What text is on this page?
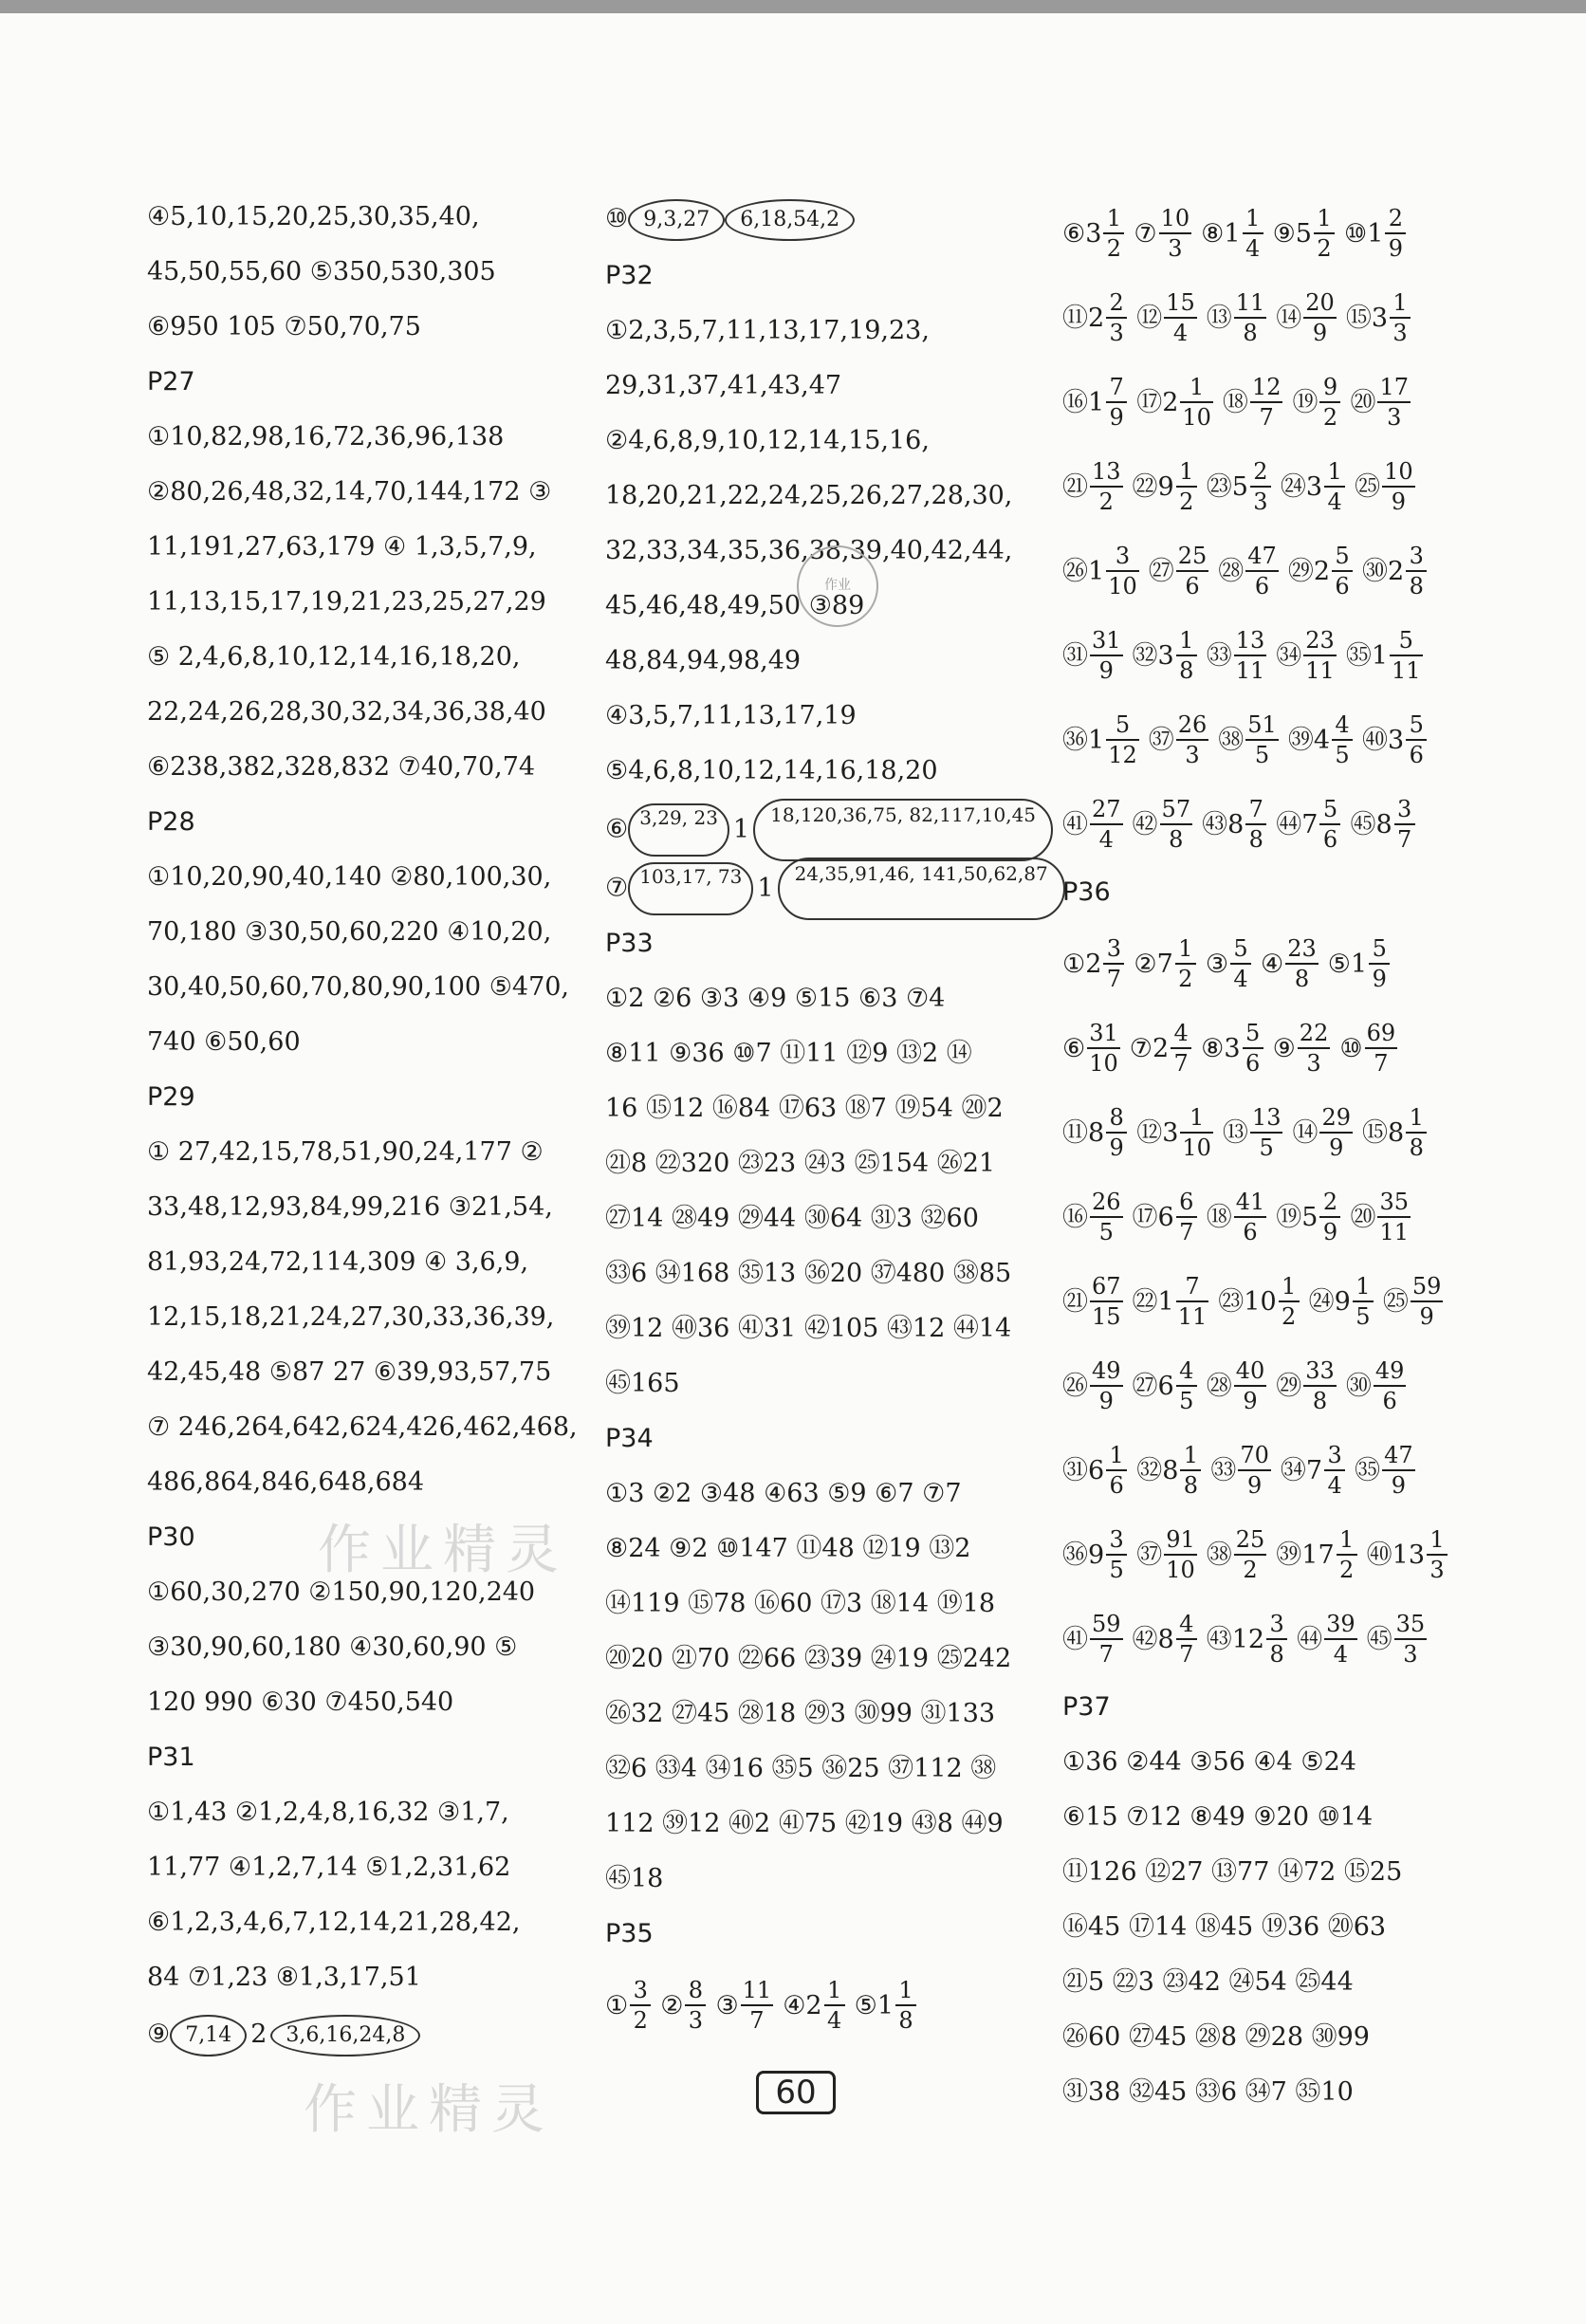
④5,10,15,20,25,30,35,40,
45,50,55,60 ⑤350,530,305
⑥950 105 ⑦50,70,75
P27
①10,82,98,16,72,36,96,138
②80,26,48,32,14,70,144,172 ③
11,191,27,63,179 ④ 1,3,5,7,9,
11,13,15,17,19,21,23,25,27,29
⑤ 2,4,6,8,10,12,14,16,18,20,
22,24,26,28,30,32,34,36,38,40
⑥238,382,328,832 ⑦40,70,74
P28
①10,20,90,40,140 ②80,100,30,
70,180 ③30,50,60,220 ④10,20,
30,40,50,60,70,80,90,100 ⑤470,
740 ⑥50,60
P29
① 27,42,15,78,51,90,24,177 ②
33,48,12,93,84,99,216 ③21,54,
81,93,24,72,114,309 ④ 3,6,9,
12,15,18,21,24,27,30,33,36,39,
42,45,48 ⑤87 27 ⑥39,93,57,75
⑦ 246,264,642,624,426,462,468,
486,864,846,648,684
P30
①60,30,270 ②150,90,120,240
③30,90,60,180 ④30,60,90 ⑤
120 990 ⑥30 ⑦450,540
P31
①1,43 ②1,2,4,8,16,32 ③1,7,
11,77 ④1,2,7,14 ⑤1,2,31,62
⑥1,2,3,4,6,7,12,14,21,28,42,
84 ⑦1,23 ⑧1,3,17,51
⑨ 7,14 2 3,6,16,24,8
⑩ 9,3,27 6,18,54,2
P32
①2,3,5,7,11,13,17,19,23,
29,31,37,41,43,47
②4,6,8,9,10,12,14,15,16,
18,20,21,22,24,25,26,27,28,30,
32,33,34,35,36,38,39,40,42,44,
45,46,48,49,50 ③89
48,84,94,98,49
④3,5,7,11,13,17,19
⑤4,6,8,10,12,14,16,18,20
⑥ 3,29, 23 1 18,120,36,75, 82,117,10,45
⑦ 103,17, 73 1 24,35,91,46, 141,50,62,87
P33
①2 ②6 ③3 ④9 ⑤15 ⑥3 ⑦4
⑧11 ⑨36 ⑩7 ⑪11 ⑫9 ⑬2 ⑭
16 ⑮12 ⑯84 ⑰63 ⑱7 ⑲54 ⑳2
㉑8 ㉒320 ㉓23 ㉔3 ㉕154 ㉖21
㉗14 ㉘49 ㉙44 ㉚64 ㉛3 ㉜60
㉝6 ㉞168 ㉟13 ㊱20 ㊲480 ㊳85
㊴12 ㊵36 ㊶31 ㊷105 ㊸12 ㊹14
㊺165
P34
①3 ②2 ③48 ④63 ⑤9 ⑥7 ⑦7
⑧24 ⑨2 ⑩147 ⑪48 ⑫19 ⑬2
⑭119 ⑮78 ⑯60 ⑰3 ⑱14 ⑲18
⑳20 ㉑70 ㉒66 ㉓39 ㉔19 ㉕242
㉖32 ㉗45 ㉘18 ㉙3 ㉚99 ㉛133
㉜6 ㉝4 ㉞16 ㉟5 ㊱25 ㊲112 ㊳
112 ㊴12 ㊵2 ㊶75 ㊷19 ㊸8 ㊹9
㊺18
P35
① $\frac{3}{2}$ ② $\frac{8}{3}$ ③ $\frac{11}{7}$ ④2 $\frac{1}{4}$ ⑤1 $\frac{1}{8}$
⑥3 $\frac{1}{2}$ ⑦ $\frac{10}{3}$ ⑧1 $\frac{1}{4}$ ⑨5 $\frac{1}{2}$ ⑩1 $\frac{2}{9}$
⑪2 $\frac{2}{3}$ ⑫ $\frac{15}{4}$ ⑬ $\frac{11}{8}$ ⑭ $\frac{20}{9}$ ⑮3 $\frac{1}{3}$
⑯1 $\frac{7}{9}$ ⑰2 $\frac{1}{10}$ ⑱ $\frac{12}{7}$ ⑲ $\frac{9}{2}$ ⑳ $\frac{17}{3}$
㉑ $\frac{13}{2}$ ㉒9 $\frac{1}{2}$ ㉓5 $\frac{2}{3}$ ㉔3 $\frac{1}{4}$ ㉕ $\frac{10}{9}$
㉖1 $\frac{3}{10}$ ㉗ $\frac{25}{6}$ ㉘ $\frac{47}{6}$ ㉙2 $\frac{5}{6}$ ㉚2 $\frac{3}{8}$
㉛ $\frac{31}{9}$ ㉜3 $\frac{1}{8}$ ㉝ $\frac{13}{11}$ ㉞ $\frac{23}{11}$ ㉟1 $\frac{5}{11}$
㊱1 $\frac{5}{12}$ ㊲ $\frac{26}{3}$ ㊳ $\frac{51}{5}$ ㊴4 $\frac{4}{5}$ ㊵3 $\frac{5}{6}$
㊶ $\frac{27}{4}$ ㊷ $\frac{57}{8}$ ㊸8 $\frac{7}{8}$ ㊹7 $\frac{5}{6}$ ㊺8 $\frac{3}{7}$
P36
①2 $\frac{3}{7}$ ②7 $\frac{1}{2}$ ③ $\frac{5}{4}$ ④ $\frac{23}{8}$ ⑤1 $\frac{5}{9}$
⑥ $\frac{31}{10}$ ⑦2 $\frac{4}{7}$ ⑧3 $\frac{5}{6}$ ⑨ $\frac{22}{3}$ ⑩ $\frac{69}{7}$
⑪8 $\frac{8}{9}$ ⑫3 $\frac{1}{10}$ ⑬ $\frac{13}{5}$ ⑭ $\frac{29}{9}$ ⑮8 $\frac{1}{8}$
⑯ $\frac{26}{5}$ ⑰6 $\frac{6}{7}$ ⑱ $\frac{41}{6}$ ⑲5 $\frac{2}{9}$ ⑳ $\frac{35}{11}$
㉑ $\frac{67}{15}$ ㉒1 $\frac{7}{11}$ ㉓10 $\frac{1}{2}$ ㉔9 $\frac{1}{5}$ ㉕ $\frac{59}{9}$
㉖ $\frac{49}{9}$ ㉗6 $\frac{4}{5}$ ㉘ $\frac{40}{9}$ ㉙ $\frac{33}{8}$ ㉚ $\frac{49}{6}$
㉛6 $\frac{1}{6}$ ㉜8 $\frac{1}{8}$ ㉝ $\frac{70}{9}$ ㉞7 $\frac{3}{4}$ ㉟ $\frac{47}{9}$
㊱9 $\frac{3}{5}$ ㊲ $\frac{91}{10}$ ㊳ $\frac{25}{2}$ ㊴17 $\frac{1}{2}$ ㊵13 $\frac{1}{3}$
㊶ $\frac{59}{7}$ ㊷8 $\frac{4}{7}$ ㊸12 $\frac{3}{8}$ ㊹ $\frac{39}{4}$ ㊺ $\frac{35}{3}$
P37
①36 ②44 ③56 ④4 ⑤24
⑥15 ⑦12 ⑧49 ⑨20 ⑩14
⑪126 ⑫27 ⑬77 ⑭72 ⑮25
⑯45 ⑰14 ⑱45 ⑲36 ⑳63
㉑5 ㉒3 ㉓42 ㉔54 ㉕44
㉖60 ㉗45 ㉘8 ㉙28 ㉚99
㉛38 ㉜45 ㉝6 ㉞7 ㉟10
作业
作业精灵
作业精灵	60
